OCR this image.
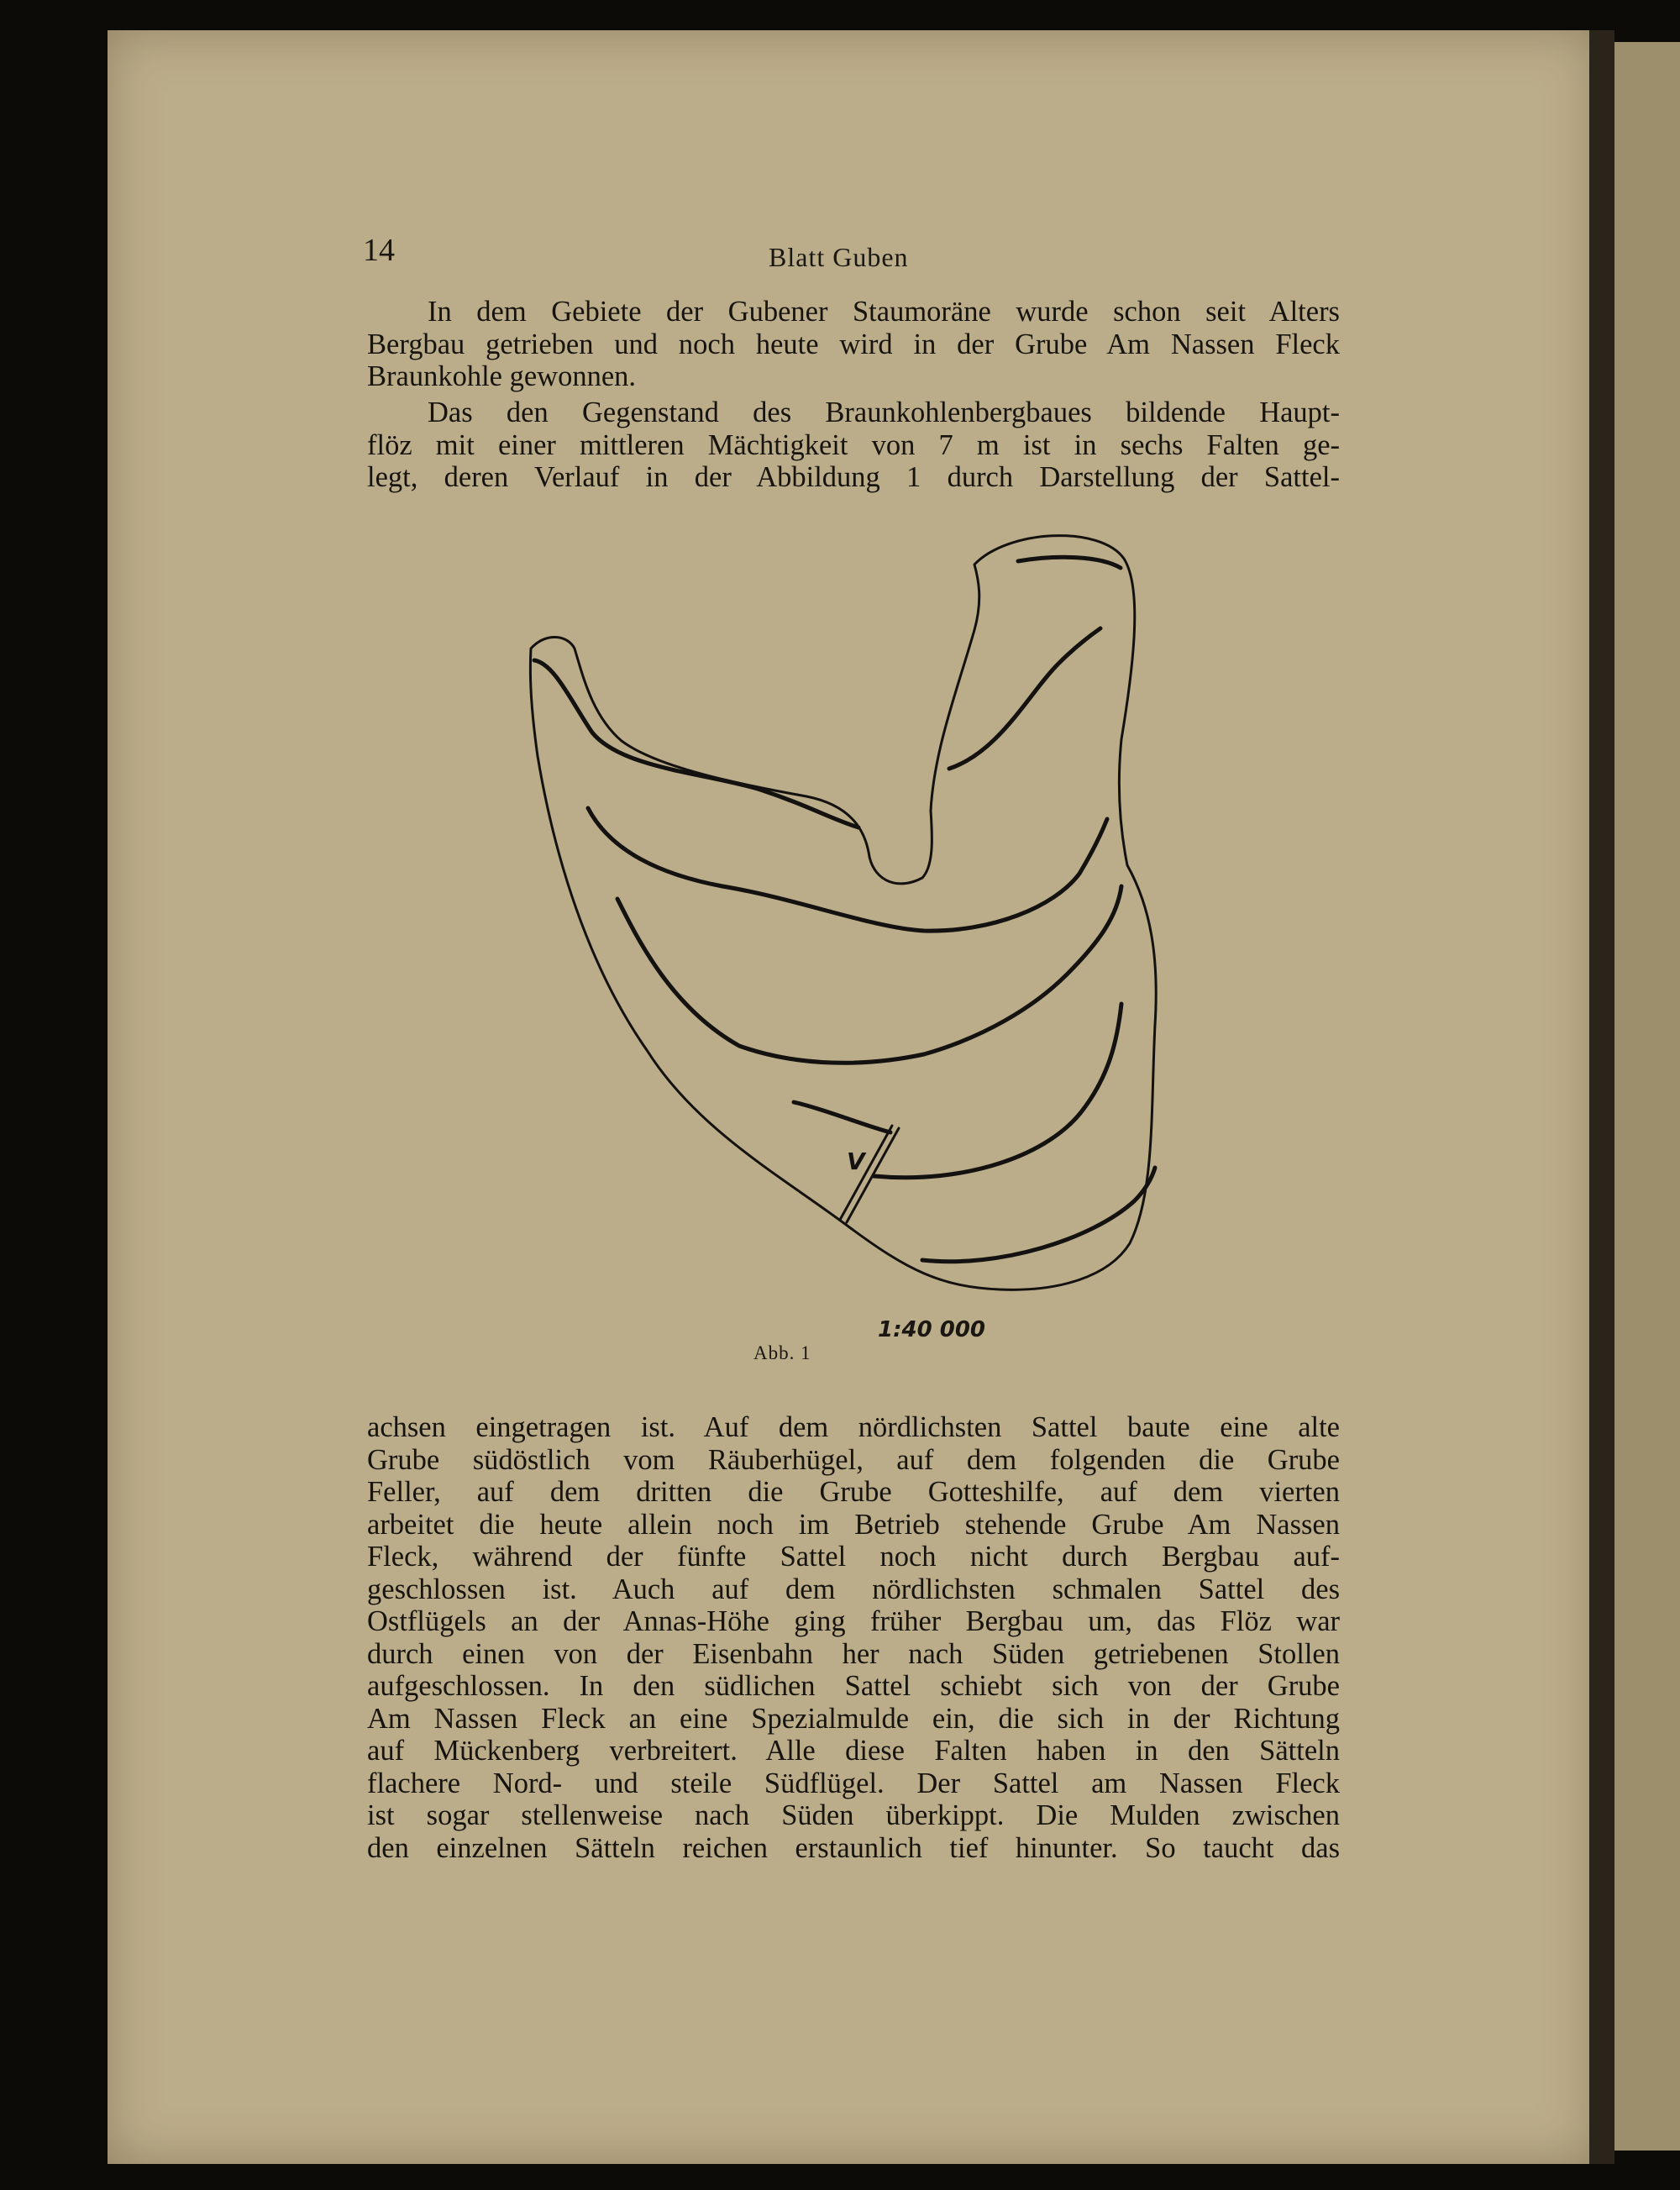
14	Blatt Guben
In dem Gebiete der Gubener Staumoräne wurde schon seit Alters
Bergbau getrieben und noch heute wird in der Grube Am Nassen Fleck
Braunkohle gewonnen.
Das den Gegenstand des Braunkohlenbergbaues bildende Haupt-
flöz mit einer mittleren Mächtigkeit von 7 m ist in sechs Falten ge-
legt, deren Verlauf in der Abbildung 1 durch Darstellung der Sattel-
V
1:40 000
Abb. 1
achsen eingetragen ist. Auf dem nördlichsten Sattel baute eine alte
Grube südöstlich vom Räuberhügel, auf dem folgenden die Grube
Feller, auf dem dritten die Grube Gotteshilfe, auf dem vierten
arbeitet die heute allein noch im Betrieb stehende Grube Am Nassen
Fleck, während der fünfte Sattel noch nicht durch Bergbau auf-
geschlossen ist. Auch auf dem nördlichsten schmalen Sattel des
Ostflügels an der Annas-Höhe ging früher Bergbau um, das Flöz war
durch einen von der Eisenbahn her nach Süden getriebenen Stollen
aufgeschlossen. In den südlichen Sattel schiebt sich von der Grube
Am Nassen Fleck an eine Spezialmulde ein, die sich in der Richtung
auf Mückenberg verbreitert. Alle diese Falten haben in den Sätteln
flachere Nord- und steile Südflügel. Der Sattel am Nassen Fleck
ist sogar stellenweise nach Süden überkippt. Die Mulden zwischen
den einzelnen Sätteln reichen erstaunlich tief hinunter. So taucht das
